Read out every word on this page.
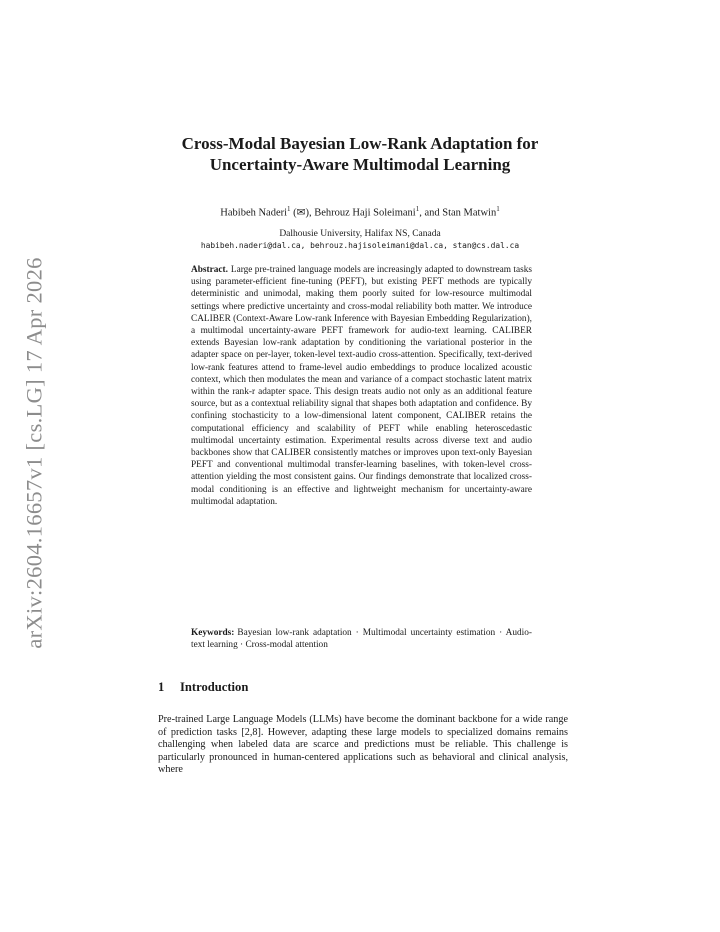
arXiv:2604.16657v1 [cs.LG] 17 Apr 2026
Cross-Modal Bayesian Low-Rank Adaptation for Uncertainty-Aware Multimodal Learning
Habibeh Naderi$^1$ (✉), Behrouz Haji Soleimani$^1$, and Stan Matwin$^1$
Dalhousie University, Halifax NS, Canada
habibeh.naderi@dal.ca, behrouz.hajisoleimani@dal.ca, stan@cs.dal.ca

Abstract. Large pre-trained language models are increasingly adapted to downstream tasks using parameter-efficient fine-tuning (PEFT), but existing PEFT methods are typically deterministic and unimodal, making them poorly suited for low-resource multimodal settings where predictive uncertainty and cross-modal reliability both matter. We introduce CALIBER (Context-Aware Low-rank Inference with Bayesian Embedding Regularization), a multimodal uncertainty-aware PEFT framework for audio-text learning. CALIBER extends Bayesian low-rank adaptation by conditioning the variational posterior in the adapter space on per-layer, token-level text-audio cross-attention. Specifically, text-derived low-rank features attend to frame-level audio embeddings to produce localized acoustic context, which then modulates the mean and variance of a compact stochastic latent matrix within the rank-r adapter space. This design treats audio not only as an additional feature source, but as a contextual reliability signal that shapes both adaptation and confidence. By confining stochasticity to a low-dimensional latent component, CALIBER retains the computational efficiency and scalability of PEFT while enabling heteroscedastic multimodal uncertainty estimation. Experimental results across diverse text and audio backbones show that CALIBER consistently matches or improves upon text-only Bayesian PEFT and conventional multimodal transfer-learning baselines, with token-level cross-attention yielding the most consistent gains. Our findings demonstrate that localized cross-modal conditioning is an effective and lightweight mechanism for uncertainty-aware multimodal adaptation.

Keywords: Bayesian low-rank adaptation · Multimodal uncertainty estimation · Audio-text learning · Cross-modal attention

1 Introduction

Pre-trained Large Language Models (LLMs) have become the dominant backbone for a wide range of prediction tasks [2,8]. However, adapting these large models to specialized domains remains challenging when labeled data are scarce and predictions must be reliable. This challenge is particularly pronounced in human-centered applications such as behavioral and clinical analysis, where
